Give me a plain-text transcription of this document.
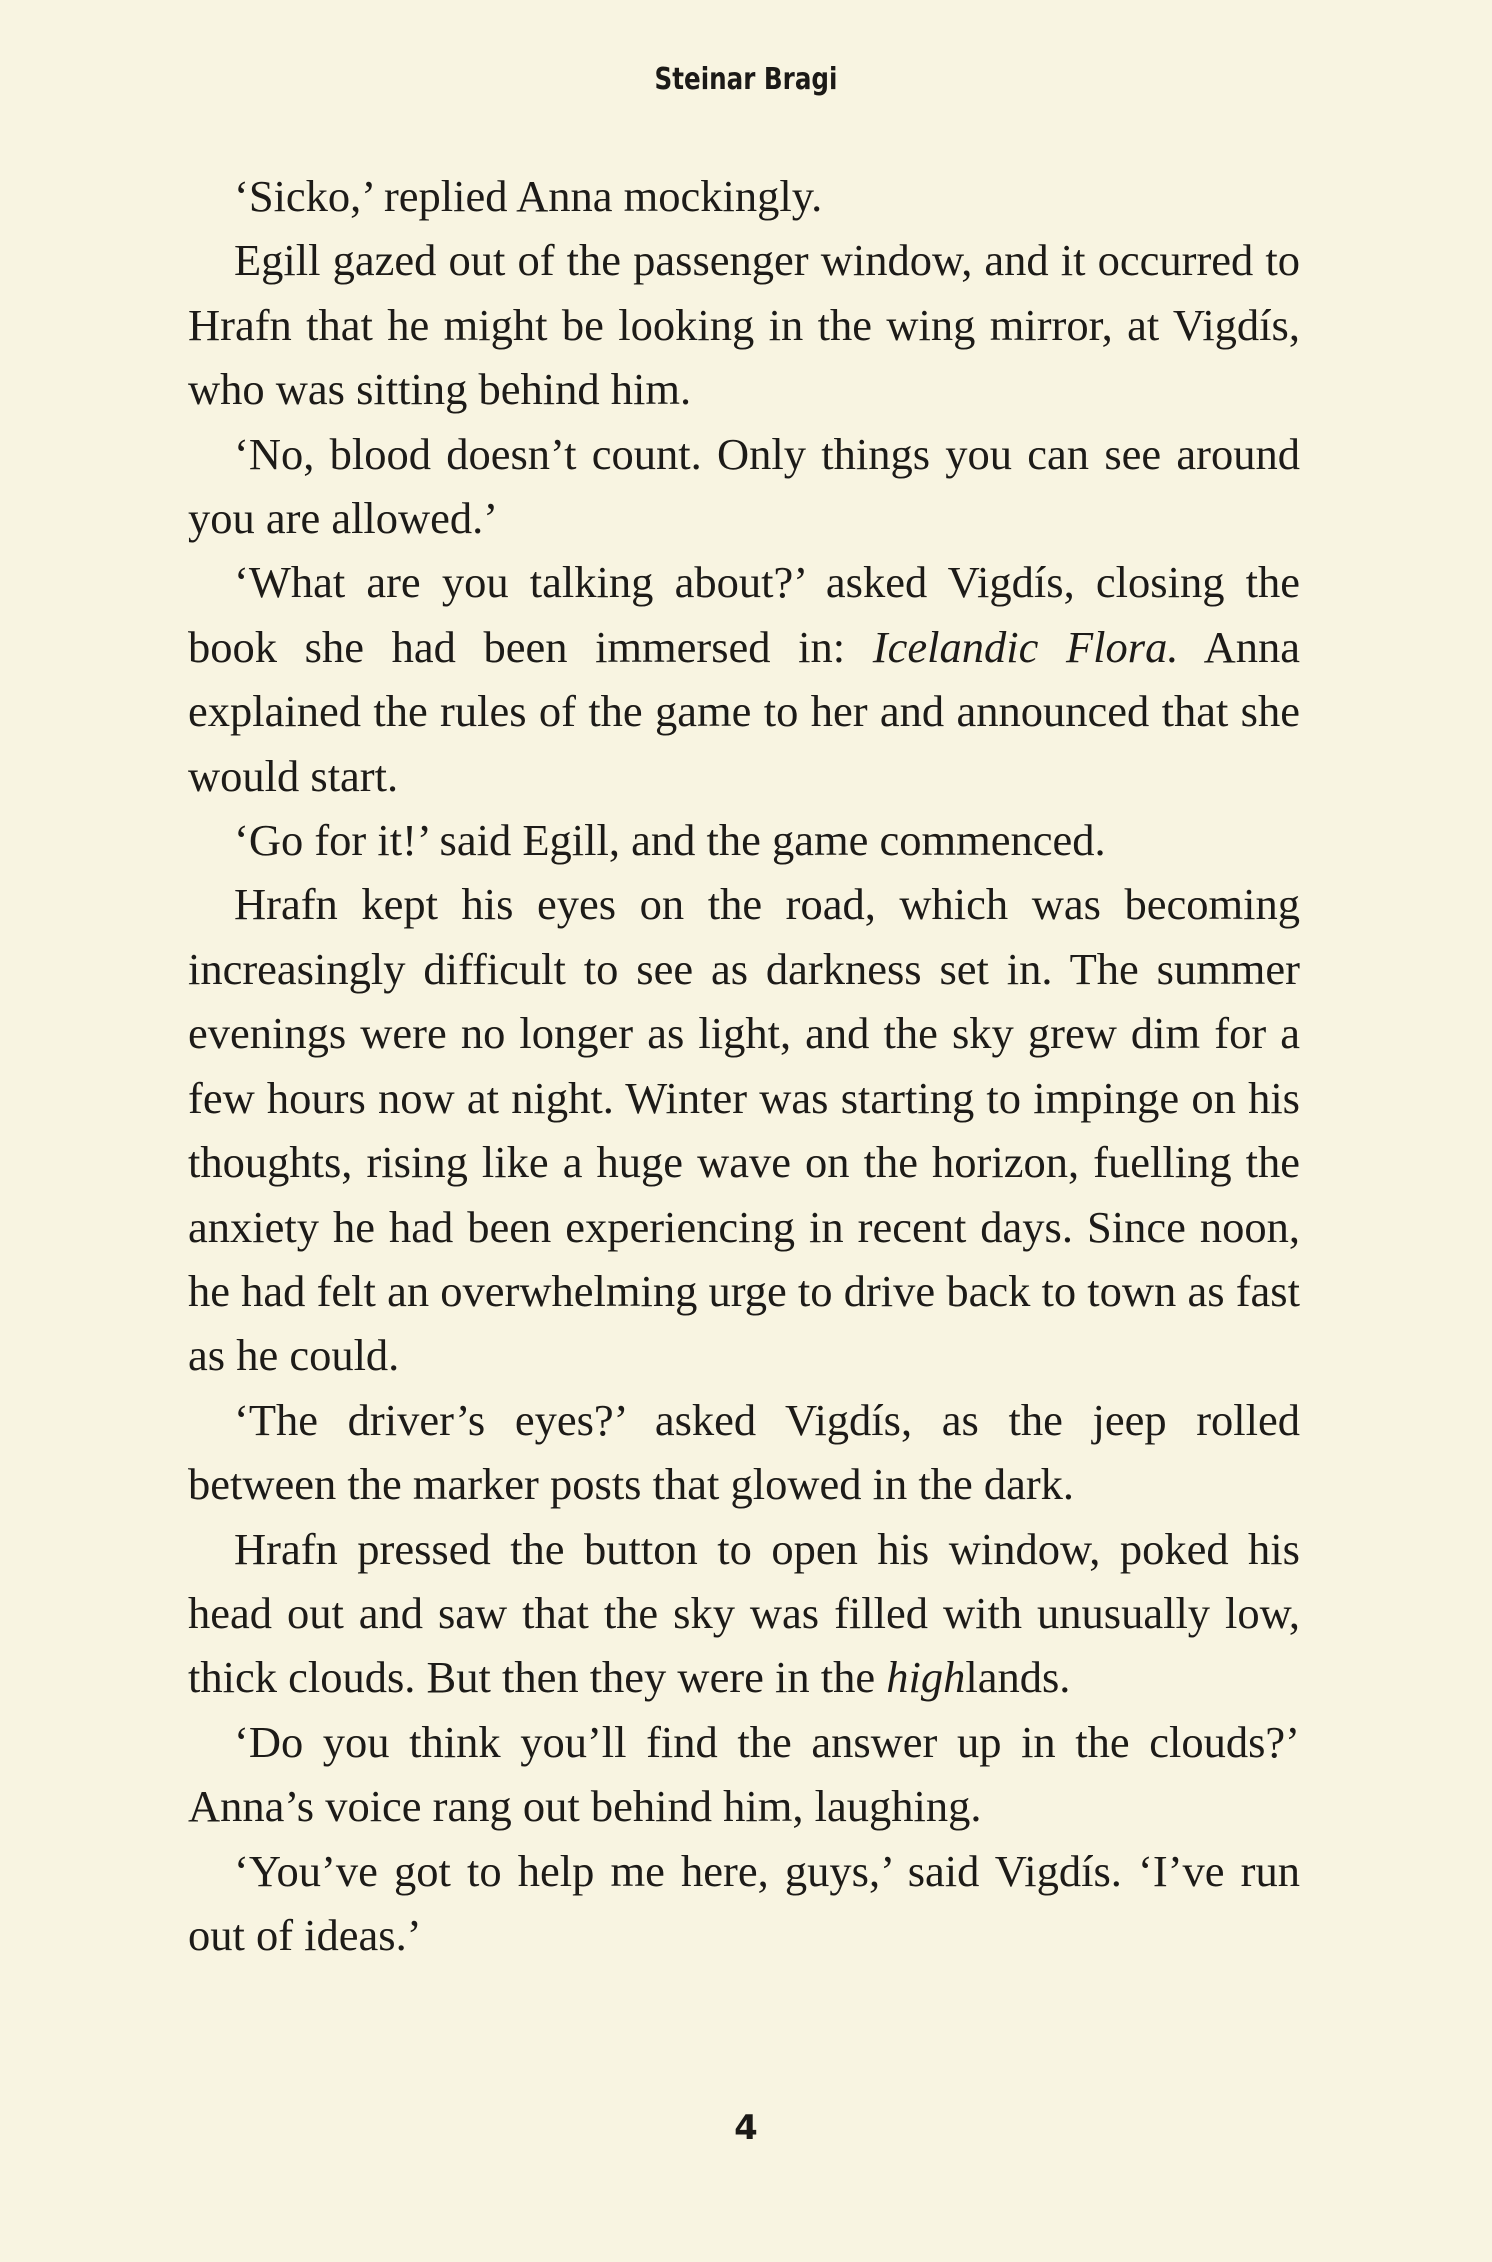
Steinar Bragi

‘Sicko,’ replied Anna mockingly.

Egill gazed out of the passenger window, and it occurred to Hrafn that he might be looking in the wing mirror, at Vigdís, who was sitting behind him.

‘No, blood doesn’t count. Only things you can see around you are allowed.’

‘What are you talking about?’ asked Vigdís, closing the book she had been immersed in: Icelandic Flora. Anna explained the rules of the game to her and announced that she would start.

‘Go for it!’ said Egill, and the game commenced.

Hrafn kept his eyes on the road, which was becoming increasingly difficult to see as darkness set in. The summer evenings were no longer as light, and the sky grew dim for a few hours now at night. Winter was starting to impinge on his thoughts, rising like a huge wave on the horizon, fuelling the anxiety he had been experiencing in recent days. Since noon, he had felt an overwhelming urge to drive back to town as fast as he could.

‘The driver’s eyes?’ asked Vigdís, as the jeep rolled between the marker posts that glowed in the dark.

Hrafn pressed the button to open his window, poked his head out and saw that the sky was filled with unusually low, thick clouds. But then they were in the highlands.

‘Do you think you’ll find the answer up in the clouds?’ Anna’s voice rang out behind him, laughing.

‘You’ve got to help me here, guys,’ said Vigdís. ‘I’ve run out of ideas.’

4
